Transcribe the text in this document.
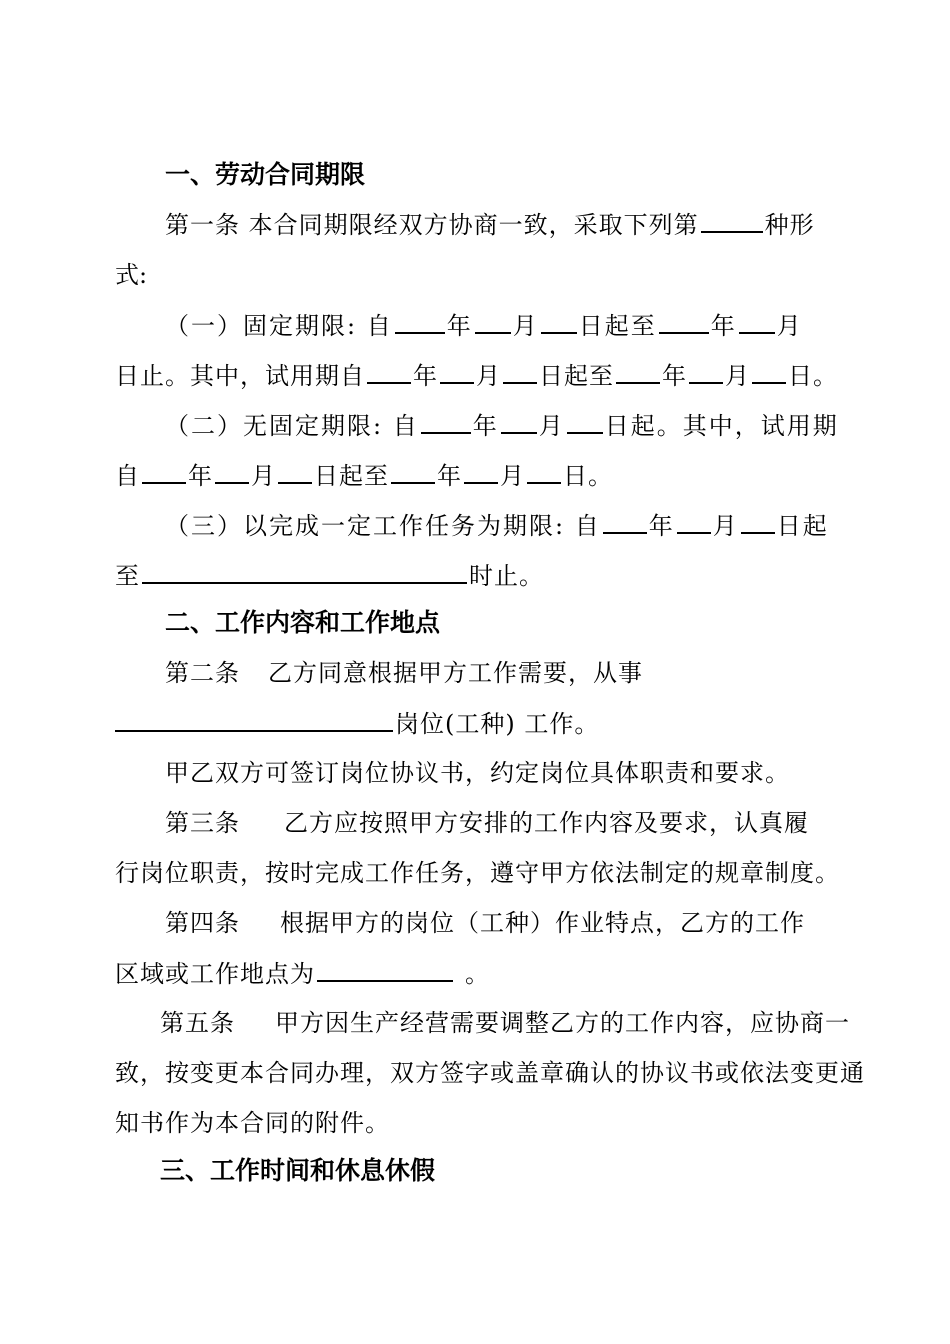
一、劳动合同期限
第一条 本合同期限经双方协商一致，采取下列第	种形
式:
（一）固定期限: 自 年 月 日起至 年 月
日止。其中，试用期自 年 月 日起至 年 月 日。
（二）无固定期限: 自 年 月 日起。其中，试用期
自 年 月 日起至 年 月 日。
（三）以完成一定工作任务为期限: 自 年 月 日起
至	时止。
二、工作内容和工作地点
第二条 乙方同意根据甲方工作需要，从事
岗位(工种) 工作。
甲乙双方可签订岗位协议书，约定岗位具体职责和要求。
第三条 乙方应按照甲方安排的工作内容及要求，认真履
行岗位职责，按时完成工作任务，遵守甲方依法制定的规章制度。
第四条 根据甲方的岗位（工种）作业特点，乙方的工作
区域或工作地点为	。
第五条 甲方因生产经营需要调整乙方的工作内容，应协商一
致，按变更本合同办理，双方签字或盖章确认的协议书或依法变更通
知书作为本合同的附件。
三、工作时间和休息休假
